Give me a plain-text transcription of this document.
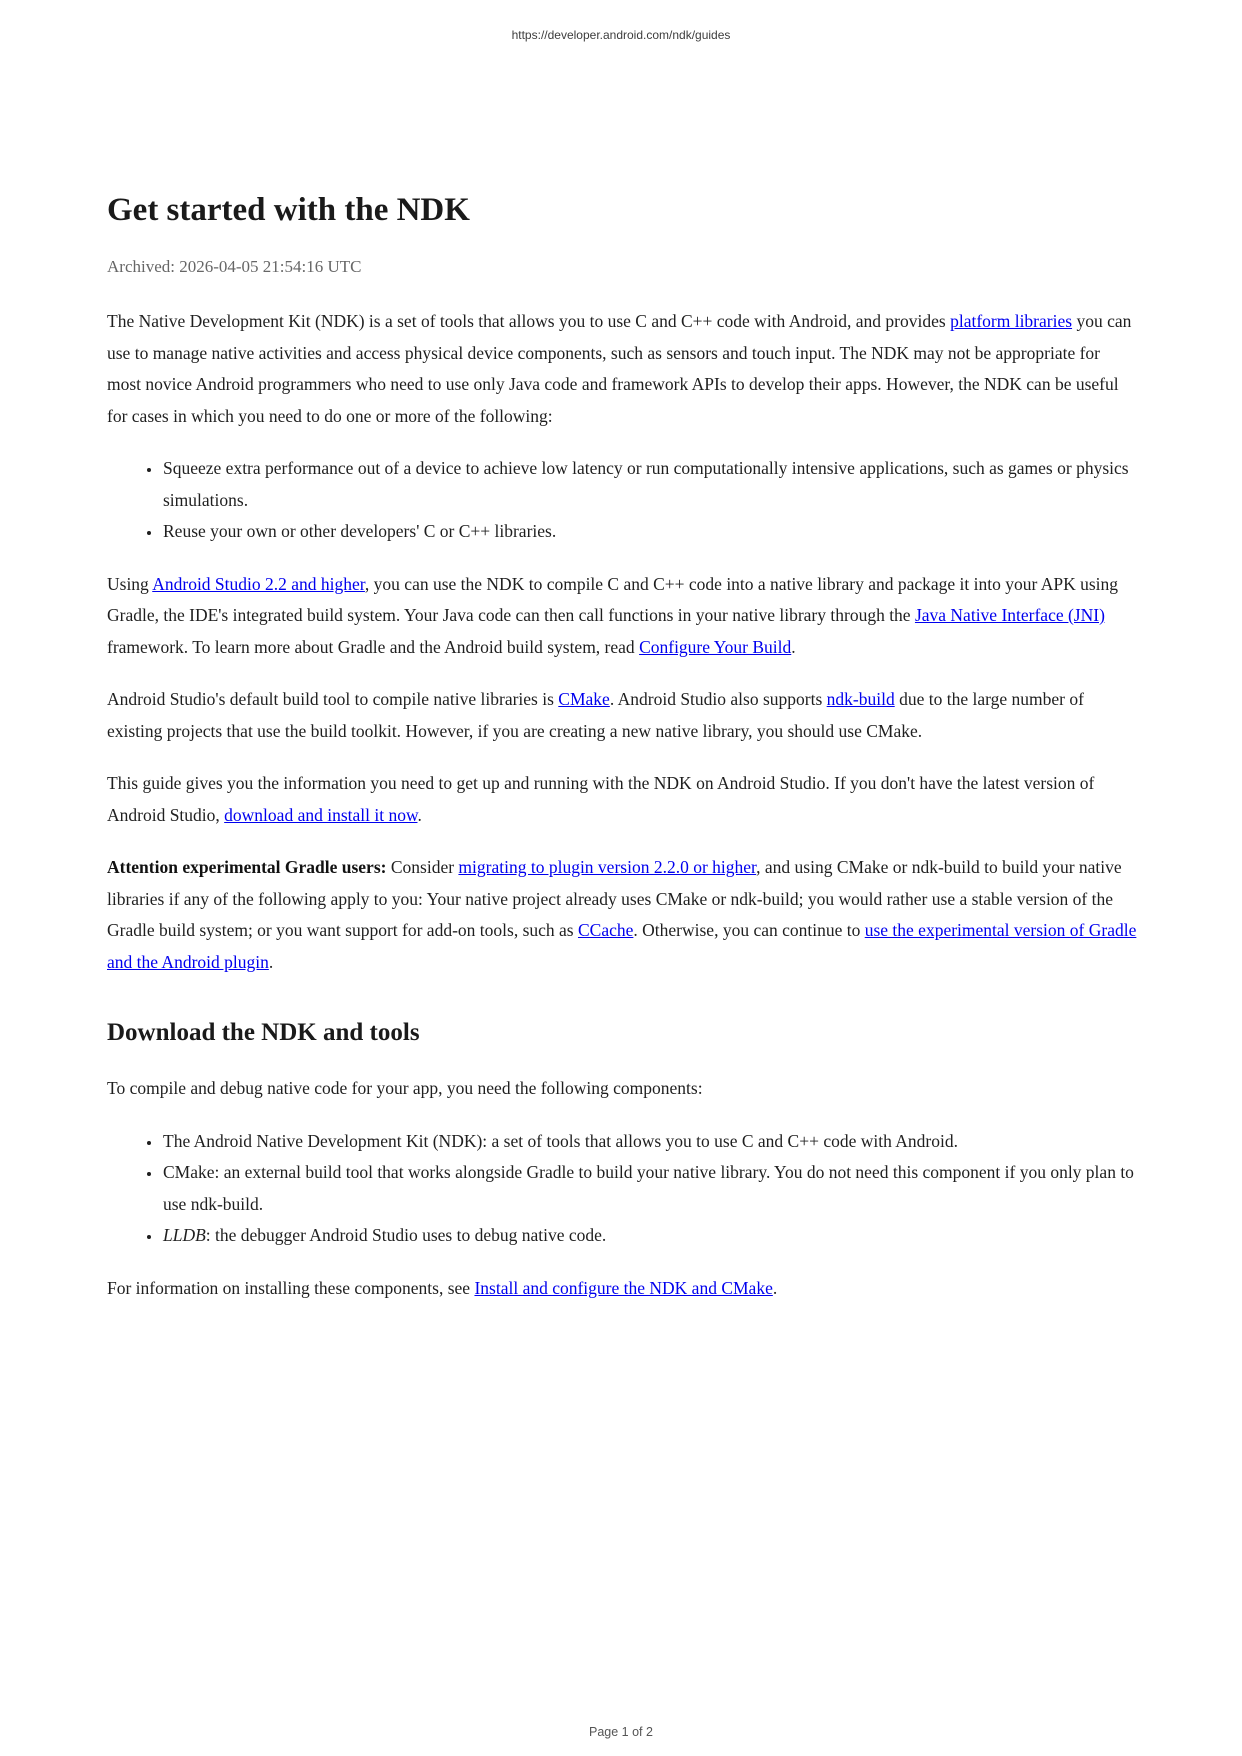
https://developer.android.com/ndk/guides
Get started with the NDK

Archived: 2026-04-05 21:54:16 UTC

The Native Development Kit (NDK) is a set of tools that allows you to use C and C++ code with Android, and provides platform libraries you can use to manage native activities and access physical device components, such as sensors and touch input. The NDK may not be appropriate for most novice Android programmers who need to use only Java code and framework APIs to develop their apps. However, the NDK can be useful for cases in which you need to do one or more of the following:

• Squeeze extra performance out of a device to achieve low latency or run computationally intensive applications, such as games or physics simulations.
• Reuse your own or other developers' C or C++ libraries.

Using Android Studio 2.2 and higher, you can use the NDK to compile C and C++ code into a native library and package it into your APK using Gradle, the IDE's integrated build system. Your Java code can then call functions in your native library through the Java Native Interface (JNI) framework. To learn more about Gradle and the Android build system, read Configure Your Build.

Android Studio's default build tool to compile native libraries is CMake. Android Studio also supports ndk-build due to the large number of existing projects that use the build toolkit. However, if you are creating a new native library, you should use CMake.

This guide gives you the information you need to get up and running with the NDK on Android Studio. If you don't have the latest version of Android Studio, download and install it now.

Attention experimental Gradle users: Consider migrating to plugin version 2.2.0 or higher, and using CMake or ndk-build to build your native libraries if any of the following apply to you: Your native project already uses CMake or ndk-build; you would rather use a stable version of the Gradle build system; or you want support for add-on tools, such as CCache. Otherwise, you can continue to use the experimental version of Gradle and the Android plugin.

Download the NDK and tools

To compile and debug native code for your app, you need the following components:

• The Android Native Development Kit (NDK): a set of tools that allows you to use C and C++ code with Android.
• CMake: an external build tool that works alongside Gradle to build your native library. You do not need this component if you only plan to use ndk-build.
• LLDB: the debugger Android Studio uses to debug native code.

For information on installing these components, see Install and configure the NDK and CMake.

Page 1 of 2
